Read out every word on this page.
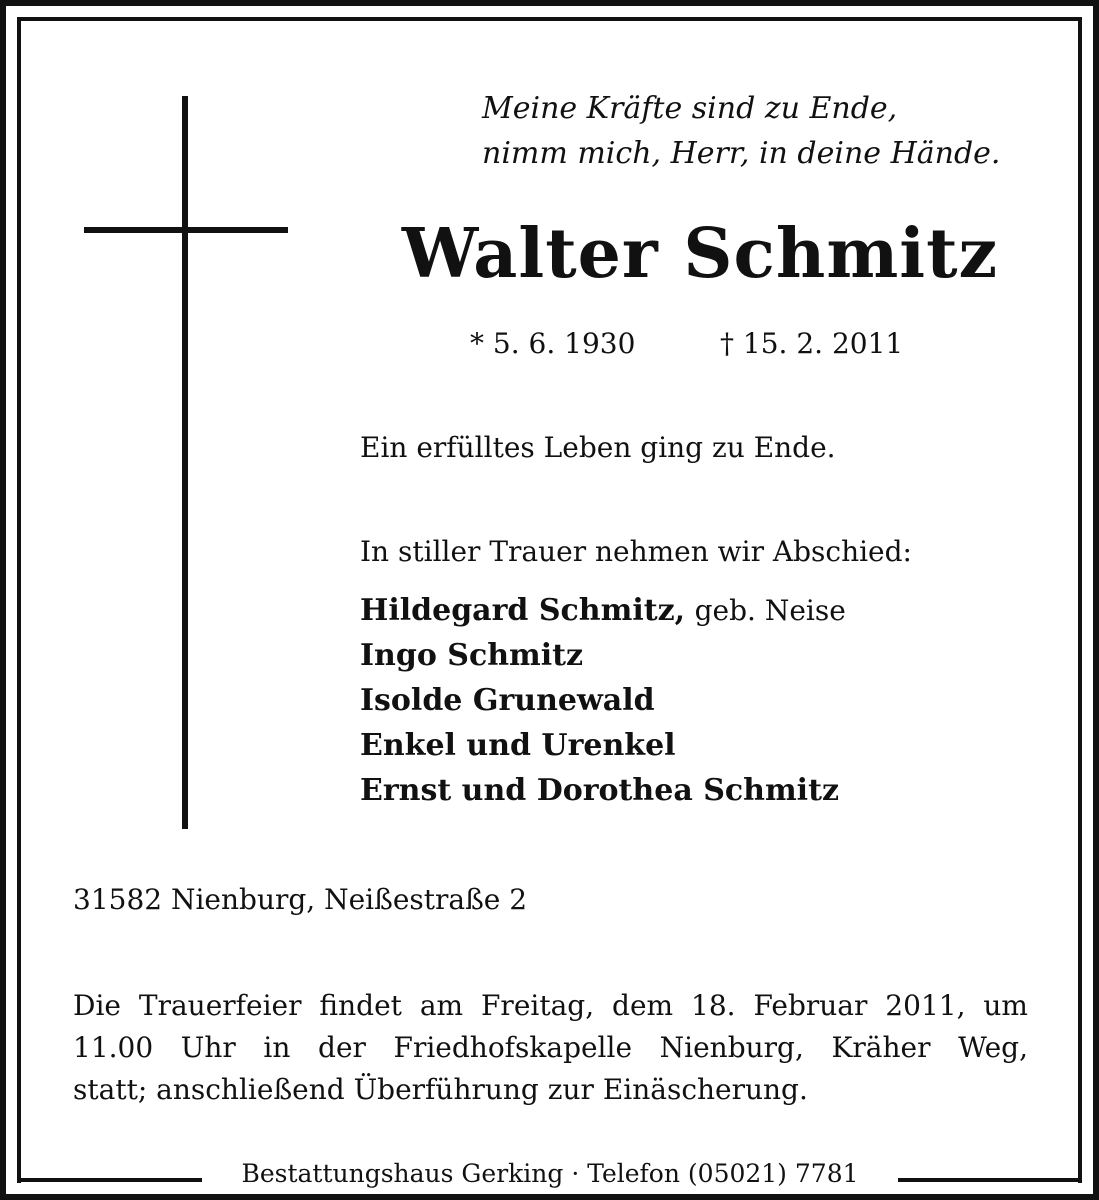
Meine Kräfte sind zu Ende,
nimm mich, Herr, in deine Hände.
Walter Schmitz
* 5. 6. 1930	† 15. 2. 2011
Ein erfülltes Leben ging zu Ende.
In stiller Trauer nehmen wir Abschied:
Hildegard Schmitz, geb. Neise
Ingo Schmitz
Isolde Grunewald
Enkel und Urenkel
Ernst und Dorothea Schmitz
31582 Nienburg, Neißestraße 2
Die Trauerfeier findet am Freitag, dem 18. Februar 2011, um
11.00 Uhr in der Friedhofskapelle Nienburg, Kräher Weg,
statt; anschließend Überführung zur Einäscherung.
Bestattungshaus Gerking · Telefon (05021) 7781
